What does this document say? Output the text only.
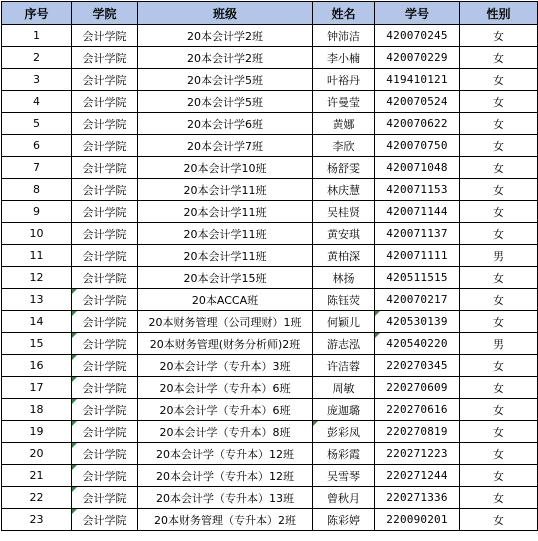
序号	学院	班级	姓名	学号	性别
1	会计学院	20本会计学2班	钟沛洁	420070245	女
2	会计学院	20本会计学2班	李小楠	420070229	女
3	会计学院	20本会计学5班	叶裕丹	419410121	女
4	会计学院	20本会计学5班	许曼莹	420070524	女
5	会计学院	20本会计学6班	黄娜	420070622	女
6	会计学院	20本会计学7班	李欣	420070750	女
7	会计学院	20本会计学10班	杨舒雯	420071048	女
8	会计学院	20本会计学11班	林庆慧	420071153	女
9	会计学院	20本会计学11班	吴桂贤	420071144	女
10	会计学院	20本会计学11班	黄安琪	420071137	女
11	会计学院	20本会计学11班	黄柏深	420071111	男
12	会计学院	20本会计学15班	林扬	420511515	女
13	会计学院	20本ACCA班	陈钰荧	420070217	女
14	会计学院	20本财务管理（公司理财）1班	何颖儿	420530139	女
15	会计学院	20本财务管理(财务分析师)2班	游志泓	420540220	男
16	会计学院	20本会计学（专升本）3班	许洁蓉	220270345	女
17	会计学院	20本会计学（专升本）6班	周敏	220270609	女
18	会计学院	20本会计学（专升本）6班	庞迦璐	220270616	女
19	会计学院	20本会计学（专升本）8班	彭彩凤	220270819	女
20	会计学院	20本会计学（专升本）12班	杨彩霞	220271223	女
21	会计学院	20本会计学（专升本）12班	吴雪琴	220271244	女
22	会计学院	20本会计学（专升本）13班	曾秋月	220271336	女
23	会计学院	20本财务管理（专升本）2班	陈彩婷	220090201	女
